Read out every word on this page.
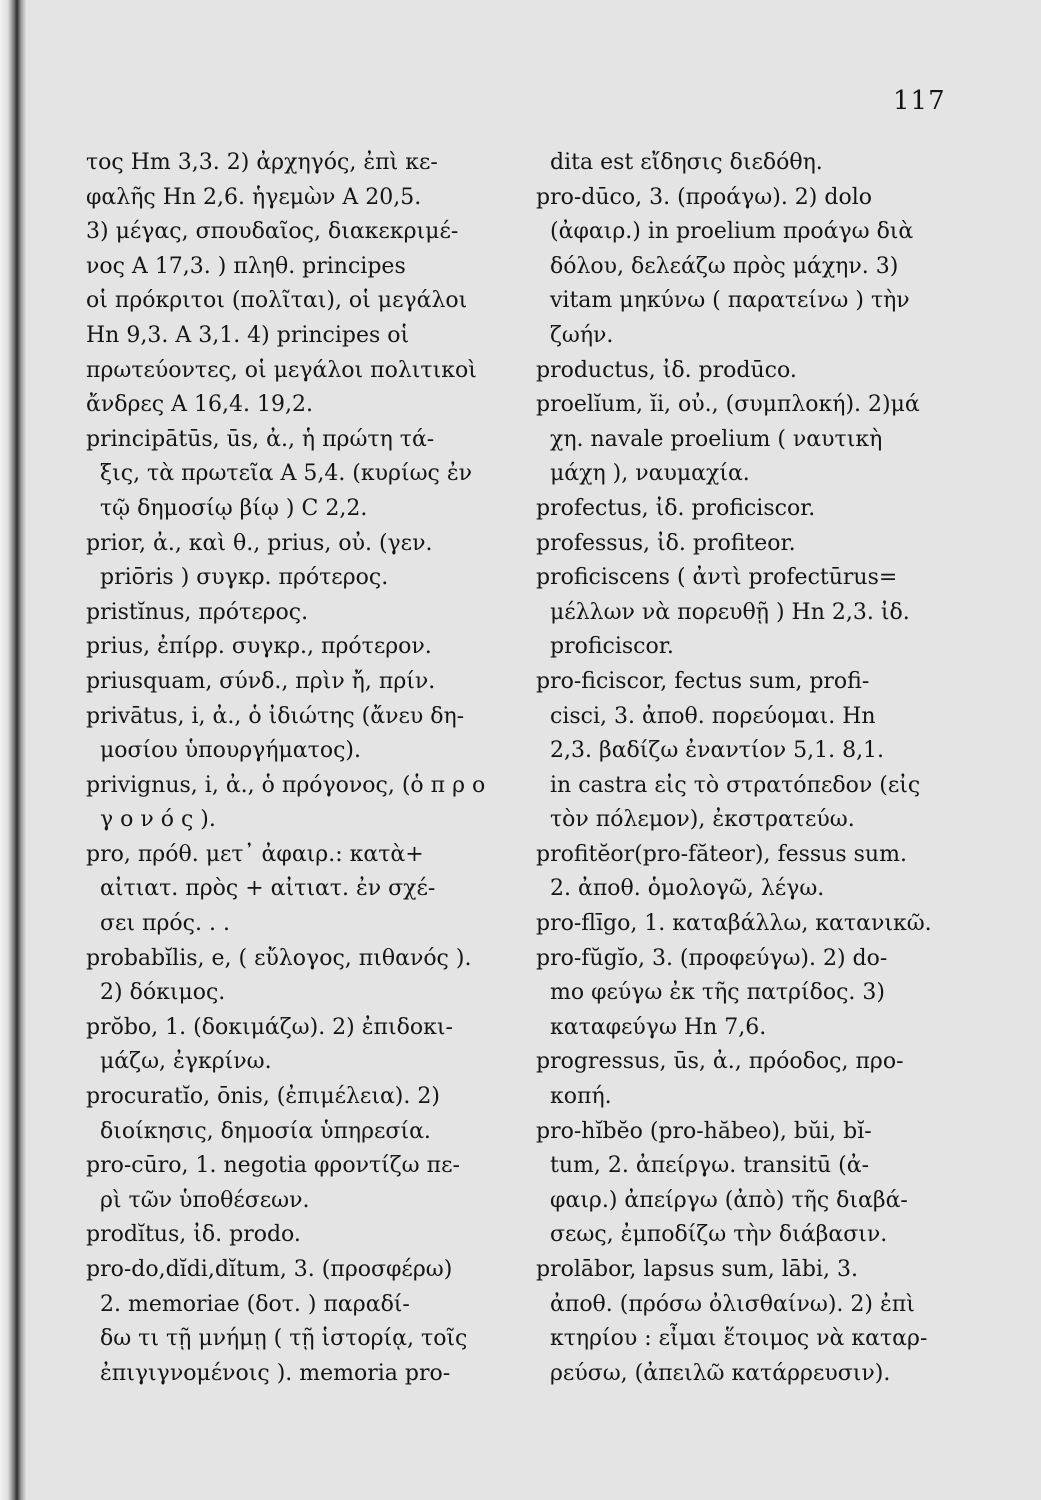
117
τος Hm 3,3. 2) ἀρχηγός, ἐπὶ κε-
φαλῆς Hn 2,6. ἡγεμὼν A 20,5.
3) μέγας, σπουδαῖος, διακεκριμέ-
νος A 17,3. ) πληθ. principes
οἱ πρόκριτοι (πολῖται), οἱ μεγάλοι
Hn 9,3. A 3,1. 4) principes οἱ
πρωτεύοντες, οἱ μεγάλοι πολιτικοὶ
ἄνδρες A 16,4. 19,2.
principātūs, ūs, ἀ., ἡ πρώτη τά-
ξις, τὰ πρωτεῖα A 5,4. (κυρίως ἐν
τῷ δημοσίῳ βίῳ ) C 2,2.
prior, ἀ., καὶ θ., prius, οὐ. (γεν.
priōris ) συγκρ. πρότερος.
pristĭnus, πρότερος.
prius, ἐπίρρ. συγκρ., πρότερον.
priusquam, σύνδ., πρὶν ἤ, πρίν.
privātus, i, ἀ., ὁ ἰδιώτης (ἄνευ δη-
μοσίου ὑπουργήματος).
privignus, i, ἀ., ὁ πρόγονος, (ὁ π ρ ο
γ ο ν ό ς ).
pro, πρόθ. μετ᾽ ἀφαιρ.: κατὰ+
αἰτιατ. πρὸς + αἰτιατ. ἐν σχέ-
σει πρός. . .
probabĭlis, e, ( εὔλογος, πιθανός ).
2) δόκιμος.
prŏbo, 1. (δοκιμάζω). 2) ἐπιδοκι-
μάζω, ἐγκρίνω.
procuratĭo, ōnis, (ἐπιμέλεια). 2)
διοίκησις, δημοσία ὑπηρεσία.
pro-cūro, 1. negotia φροντίζω πε-
ρὶ τῶν ὑποθέσεων.
prodĭtus, ἰδ. prodo.
pro-do,dĭdi,dĭtum, 3. (προσφέρω)
2. memoriae (δοτ. ) παραδί-
δω τι τῇ μνήμῃ ( τῇ ἱστορίᾳ, τοῖς
ἐπιγιγνομένοις ). memoria pro-
dita est εἴδησις διεδόθη.
pro-dūco, 3. (προάγω). 2) dolo
(ἀφαιρ.) in proelium προάγω διὰ
δόλου, δελεάζω πρὸς μάχην. 3)
vitam μηκύνω ( παρατείνω ) τὴν
ζωήν.
productus, ἰδ. prodūco.
proelĭum, ĭi, οὐ., (συμπλοκή). 2)μά
χη. navale proelium ( ναυτικὴ
μάχη ), ναυμαχία.
profectus, ἰδ. proficiscor.
professus, ἰδ. profiteor.
proficiscens ( ἀντὶ profectūrus=
μέλλων νὰ πορευθῇ ) Hn 2,3. ἰδ.
proficiscor.
pro-ficiscor, fectus sum, profi-
cisci, 3. ἀποθ. πορεύομαι. Hn
2,3. βαδίζω ἐναντίον 5,1. 8,1.
in castra εἰς τὸ στρατόπεδον (εἰς
τὸν πόλεμον), ἐκστρατεύω.
profitĕor(pro-făteor), fessus sum.
2. ἀποθ. ὁμολογῶ, λέγω.
pro-flīgo, 1. καταβάλλω, κατανικῶ.
pro-fŭgĭo, 3. (προφεύγω). 2) do-
mo φεύγω ἐκ τῆς πατρίδος. 3)
καταφεύγω Hn 7,6.
progressus, ūs, ἀ., πρόοδος, προ-
κοπή.
pro-hĭbĕo (pro-hăbeo), bŭi, bĭ-
tum, 2. ἀπείργω. transitū (ἀ-
φαιρ.) ἀπείργω (ἀπὸ) τῆς διαβά-
σεως, ἐμποδίζω τὴν διάβασιν.
prolābor, lapsus sum, lābi, 3.
ἀποθ. (πρόσω ὀλισθαίνω). 2) ἐπὶ
κτηρίου : εἶμαι ἕτοιμος νὰ καταρ-
ρεύσω, (ἀπειλῶ κατάρρευσιν).
